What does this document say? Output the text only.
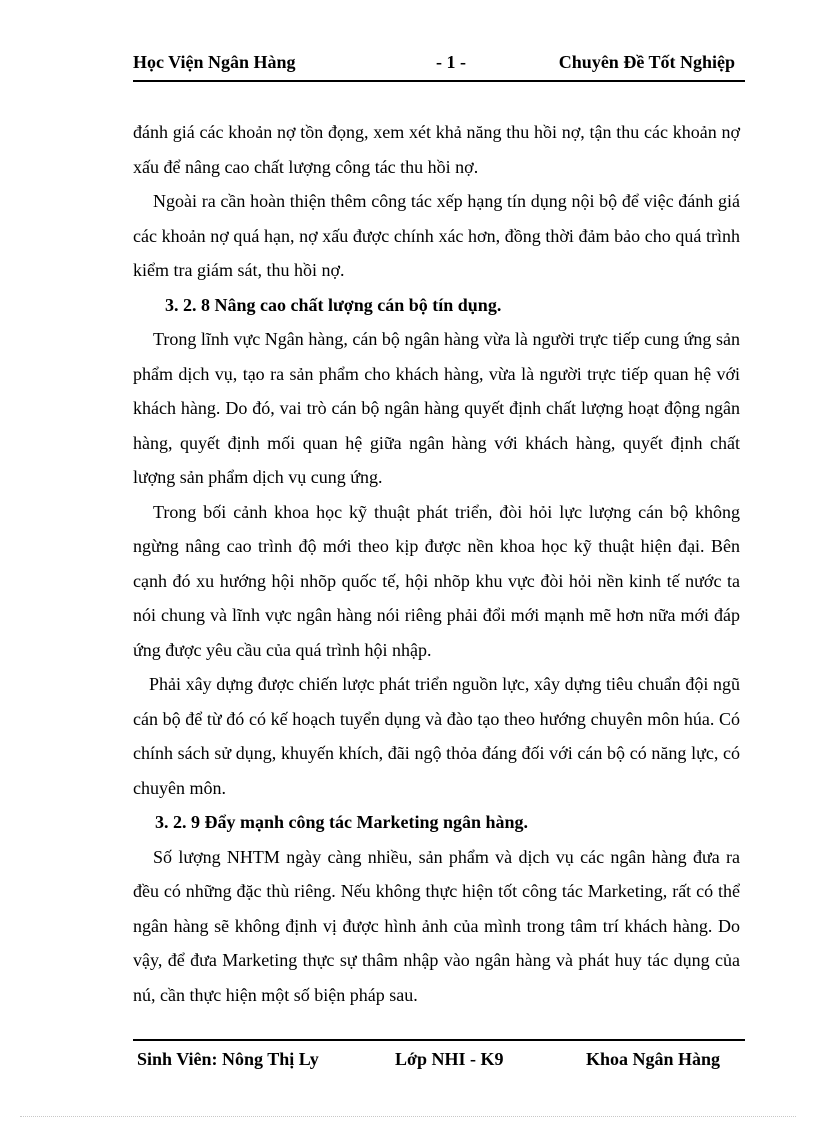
Học Viện Ngân Hàng	- 1 -	Chuyên Đề Tốt Nghiệp

đánh giá các khoản nợ tồn đọng, xem xét khả năng thu hồi nợ, tận thu các khoản nợ xấu để nâng cao chất lượng công tác thu hồi nợ.

Ngoài ra cần hoàn thiện thêm công tác xếp hạng tín dụng nội bộ để việc đánh giá các khoản nợ quá hạn, nợ xấu được chính xác hơn, đồng thời đảm bảo cho quá trình kiểm tra giám sát, thu hồi nợ.

3. 2. 8 Nâng cao chất lượng cán bộ tín dụng.

Trong lĩnh vực Ngân hàng, cán bộ ngân hàng vừa là người trực tiếp cung ứng sản phẩm dịch vụ, tạo ra sản phẩm cho khách hàng, vừa là người trực tiếp quan hệ với khách hàng. Do đó, vai trò cán bộ ngân hàng quyết định chất lượng hoạt động ngân hàng, quyết định mối quan hệ giữa ngân hàng với khách hàng, quyết định chất lượng sản phẩm dịch vụ cung ứng.

Trong bối cảnh khoa học kỹ thuật phát triển, đòi hỏi lực lượng cán bộ không ngừng nâng cao trình độ mới theo kịp được nền khoa học kỹ thuật hiện đại. Bên cạnh đó xu hướng hội nhõp quốc tế, hội nhõp khu vực đòi hỏi nền kinh tế nước ta nói chung và lĩnh vực ngân hàng nói riêng phải đổi mới mạnh mẽ hơn nữa mới đáp ứng được yêu cầu của quá trình hội nhập.

Phải xây dựng được chiến lược phát triển nguồn lực, xây dựng tiêu chuẩn đội ngũ cán bộ để từ đó có kế hoạch tuyển dụng và đào tạo theo hướng chuyên môn húa. Có chính sách sử dụng, khuyến khích, đãi ngộ thỏa đáng đối với cán bộ có năng lực, có chuyên môn.

3. 2. 9 Đẩy mạnh công tác Marketing ngân hàng.

Số lượng NHTM ngày càng nhiều, sản phẩm và dịch vụ các ngân hàng đưa ra đều có những đặc thù riêng. Nếu không thực hiện tốt công tác Marketing, rất có thể ngân hàng sẽ không định vị được hình ảnh của mình trong tâm trí khách hàng. Do vậy, để đưa Marketing thực sự thâm nhập vào ngân hàng và phát huy tác dụng của nú, cần thực hiện một số biện pháp sau.

Sinh Viên: Nông Thị Ly	Lớp NHI - K9	Khoa Ngân Hàng
